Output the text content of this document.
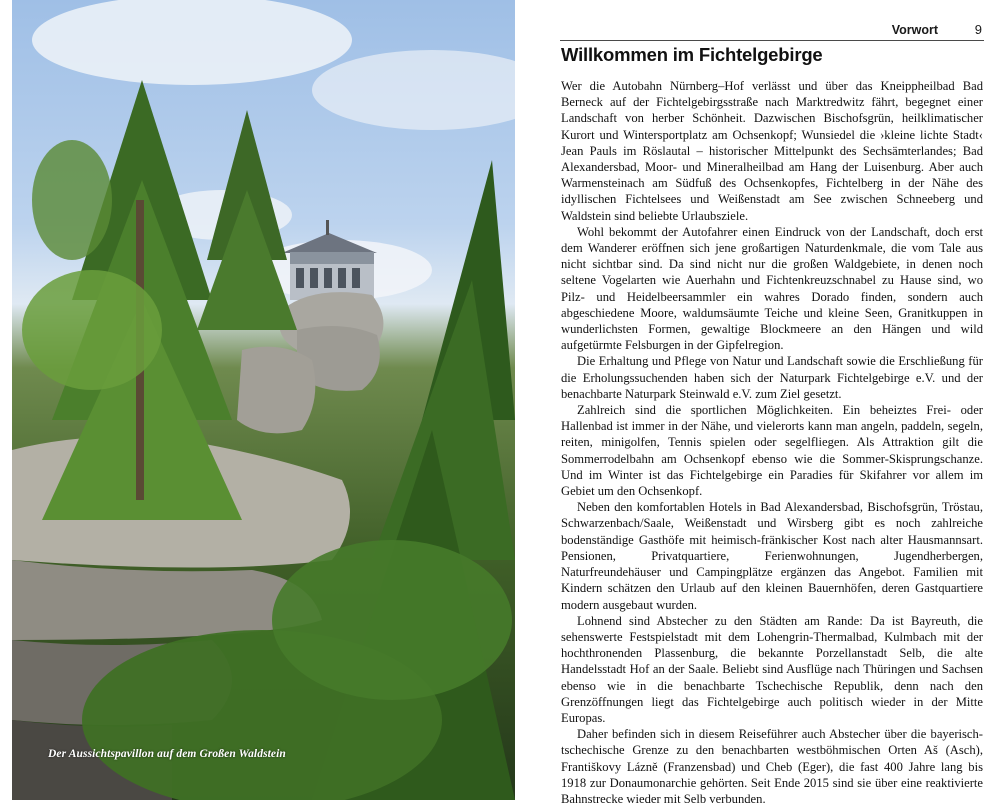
Der Aussichtspavillon auf dem Großen Waldstein
Vorwort	9
Willkommen im Fichtelgebirge

Wer die Autobahn Nürnberg–Hof verlässt und über das Kneippheilbad Bad Berneck auf der Fichtelgebirgsstraße nach Marktredwitz fährt, begegnet einer Landschaft von herber Schönheit. Dazwischen Bischofsgrün, heilklimatischer Kurort und Wintersportplatz am Ochsenkopf; Wunsiedel die ›kleine lichte Stadt‹ Jean Pauls im Röslautal – historischer Mittelpunkt des Sechsämterlandes; Bad Alexandersbad, Moor- und Mineralheilbad am Hang der Luisenburg. Aber auch Warmensteinach am Südfuß des Ochsenkopfes, Fichtelberg in der Nähe des idyllischen Fichtelsees und Weißenstadt am See zwischen Schneeberg und Waldstein sind beliebte Urlaubsziele.

Wohl bekommt der Autofahrer einen Eindruck von der Landschaft, doch erst dem Wanderer eröffnen sich jene großartigen Naturdenkmale, die vom Tale aus nicht sichtbar sind. Da sind nicht nur die großen Waldgebiete, in denen noch seltene Vogelarten wie Auerhahn und Fichtenkreuzschnabel zu Hause sind, wo Pilz- und Heidelbeersammler ein wahres Dorado finden, sondern auch abgeschiedene Moore, waldumsäumte Teiche und kleine Seen, Granitkuppen in wunderlichsten Formen, gewaltige Blockmeere an den Hängen und wild aufgetürmte Felsburgen in der Gipfelregion.

Die Erhaltung und Pflege von Natur und Landschaft sowie die Erschließung für die Erholungssuchenden haben sich der Naturpark Fichtelgebirge e.V. und der benachbarte Naturpark Steinwald e.V. zum Ziel gesetzt.

Zahlreich sind die sportlichen Möglichkeiten. Ein beheiztes Frei- oder Hallenbad ist immer in der Nähe, und vielerorts kann man angeln, paddeln, segeln, reiten, minigolfen, Tennis spielen oder segelfliegen. Als Attraktion gilt die Sommerrodelbahn am Ochsenkopf ebenso wie die Sommer-Skisprungschanze. Und im Winter ist das Fichtelgebirge ein Paradies für Skifahrer vor allem im Gebiet um den Ochsenkopf.

Neben den komfortablen Hotels in Bad Alexandersbad, Bischofsgrün, Tröstau, Schwarzenbach/Saale, Weißenstadt und Wirsberg gibt es noch zahlreiche bodenständige Gasthöfe mit heimisch-fränkischer Kost nach alter Hausmannsart. Pensionen, Privatquartiere, Ferienwohnungen, Jugendherbergen, Naturfreundehäuser und Campingplätze ergänzen das Angebot. Familien mit Kindern schätzen den Urlaub auf den kleinen Bauernhöfen, deren Gastquartiere modern ausgebaut wurden.

Lohnend sind Abstecher zu den Städten am Rande: Da ist Bayreuth, die sehenswerte Festspielstadt mit dem Lohengrin-Thermalbad, Kulmbach mit der hochthronenden Plassenburg, die bekannte Porzellanstadt Selb, die alte Handelsstadt Hof an der Saale. Beliebt sind Ausflüge nach Thüringen und Sachsen ebenso wie in die benachbarte Tschechische Republik, denn nach den Grenzöffnungen liegt das Fichtelgebirge auch politisch wieder in der Mitte Europas.

Daher befinden sich in diesem Reiseführer auch Abstecher über die bayerisch-tschechische Grenze zu den benachbarten westböhmischen Orten Aš (Asch), Františkovy Lázně (Franzensbad) und Cheb (Eger), die fast 400 Jahre lang bis 1918 zur Donaumonarchie gehörten. Seit Ende 2015 sind sie über eine reaktivierte Bahnstrecke wieder mit Selb verbunden.
